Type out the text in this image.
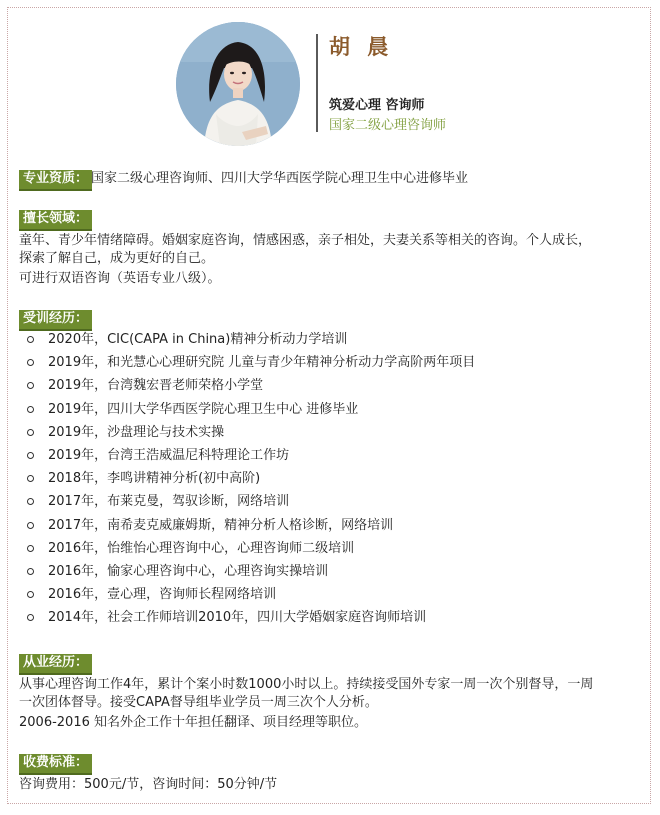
胡 晨
筑爱心理 咨询师
国家二级心理咨询师
专业资质： 国家二级心理咨询师、四川大学华西医学院心理卫生中心进修毕业
擅长领域：
童年、青少年情绪障碍。婚姻家庭咨询，情感困惑，亲子相处，夫妻关系等相关的咨询。个人成长，
探索了解自己，成为更好的自己。
可进行双语咨询（英语专业八级）。
受训经历：
2020年，CIC(CAPA in China)精神分析动力学培训
2019年，和光慧心心理研究院 儿童与青少年精神分析动力学高阶两年项目
2019年，台湾魏宏晋老师荣格小学堂
2019年，四川大学华西医学院心理卫生中心 进修毕业
2019年，沙盘理论与技术实操
2019年，台湾王浩威温尼科特理论工作坊
2018年，李鸣讲精神分析(初中高阶)
2017年，布莱克曼，驾驭诊断，网络培训
2017年，南希麦克威廉姆斯，精神分析人格诊断，网络培训
2016年，怡维怡心理咨询中心，心理咨询师二级培训
2016年，愉家心理咨询中心，心理咨询实操培训
2016年，壹心理，咨询师长程网络培训
2014年，社会工作师培训2010年，四川大学婚姻家庭咨询师培训
从业经历：
从事心理咨询工作4年，累计个案小时数1000小时以上。持续接受国外专家一周一次个别督导，一周
一次团体督导。接受CAPA督导组毕业学员一周三次个人分析。
2006-2016 知名外企工作十年担任翻译、项目经理等职位。
收费标准：
咨询费用：500元/节，咨询时间：50分钟/节
